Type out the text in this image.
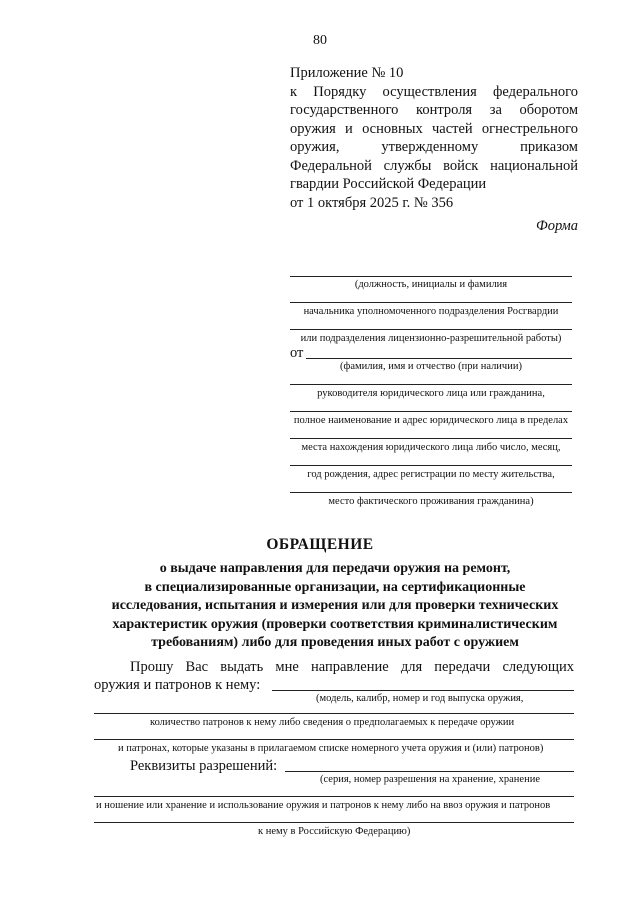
80
Приложение № 10
к Порядку осуществления федерального
государственного контроля за оборотом
оружия и основных частей огнестрельного
оружия, утвержденному приказом
Федеральной службы войск национальной
гвардии Российской Федерации
от 1 октября 2025 г. № 356
Форма
(должность, инициалы и фамилия
начальника уполномоченного подразделения Росгвардии
или подразделения лицензионно-разрешительной работы)
от
(фамилия, имя и отчество (при наличии)
руководителя юридического лица или гражданина,
полное наименование и адрес юридического лица в пределах
места нахождения юридического лица либо число, месяц,
год рождения, адрес регистрации по месту жительства,
место фактического проживания гражданина)
ОБРАЩЕНИЕ
о выдаче направления для передачи оружия на ремонт,
в специализированные организации, на сертификационные
исследования, испытания и измерения или для проверки технических
характеристик оружия (проверки соответствия криминалистическим
требованиям) либо для проведения иных работ с оружием
Прошу Вас выдать мне направление для передачи следующих
оружия и патронов к нему:
(модель, калибр, номер и год выпуска оружия,
количество патронов к нему либо сведения о предполагаемых к передаче оружии
и патронах, которые указаны в прилагаемом списке номерного учета оружия и (или) патронов)
Реквизиты разрешений:
(серия, номер разрешения на хранение, хранение
и ношение или хранение и использование оружия и патронов к нему либо на ввоз оружия и патронов
к нему в Российскую Федерацию)
